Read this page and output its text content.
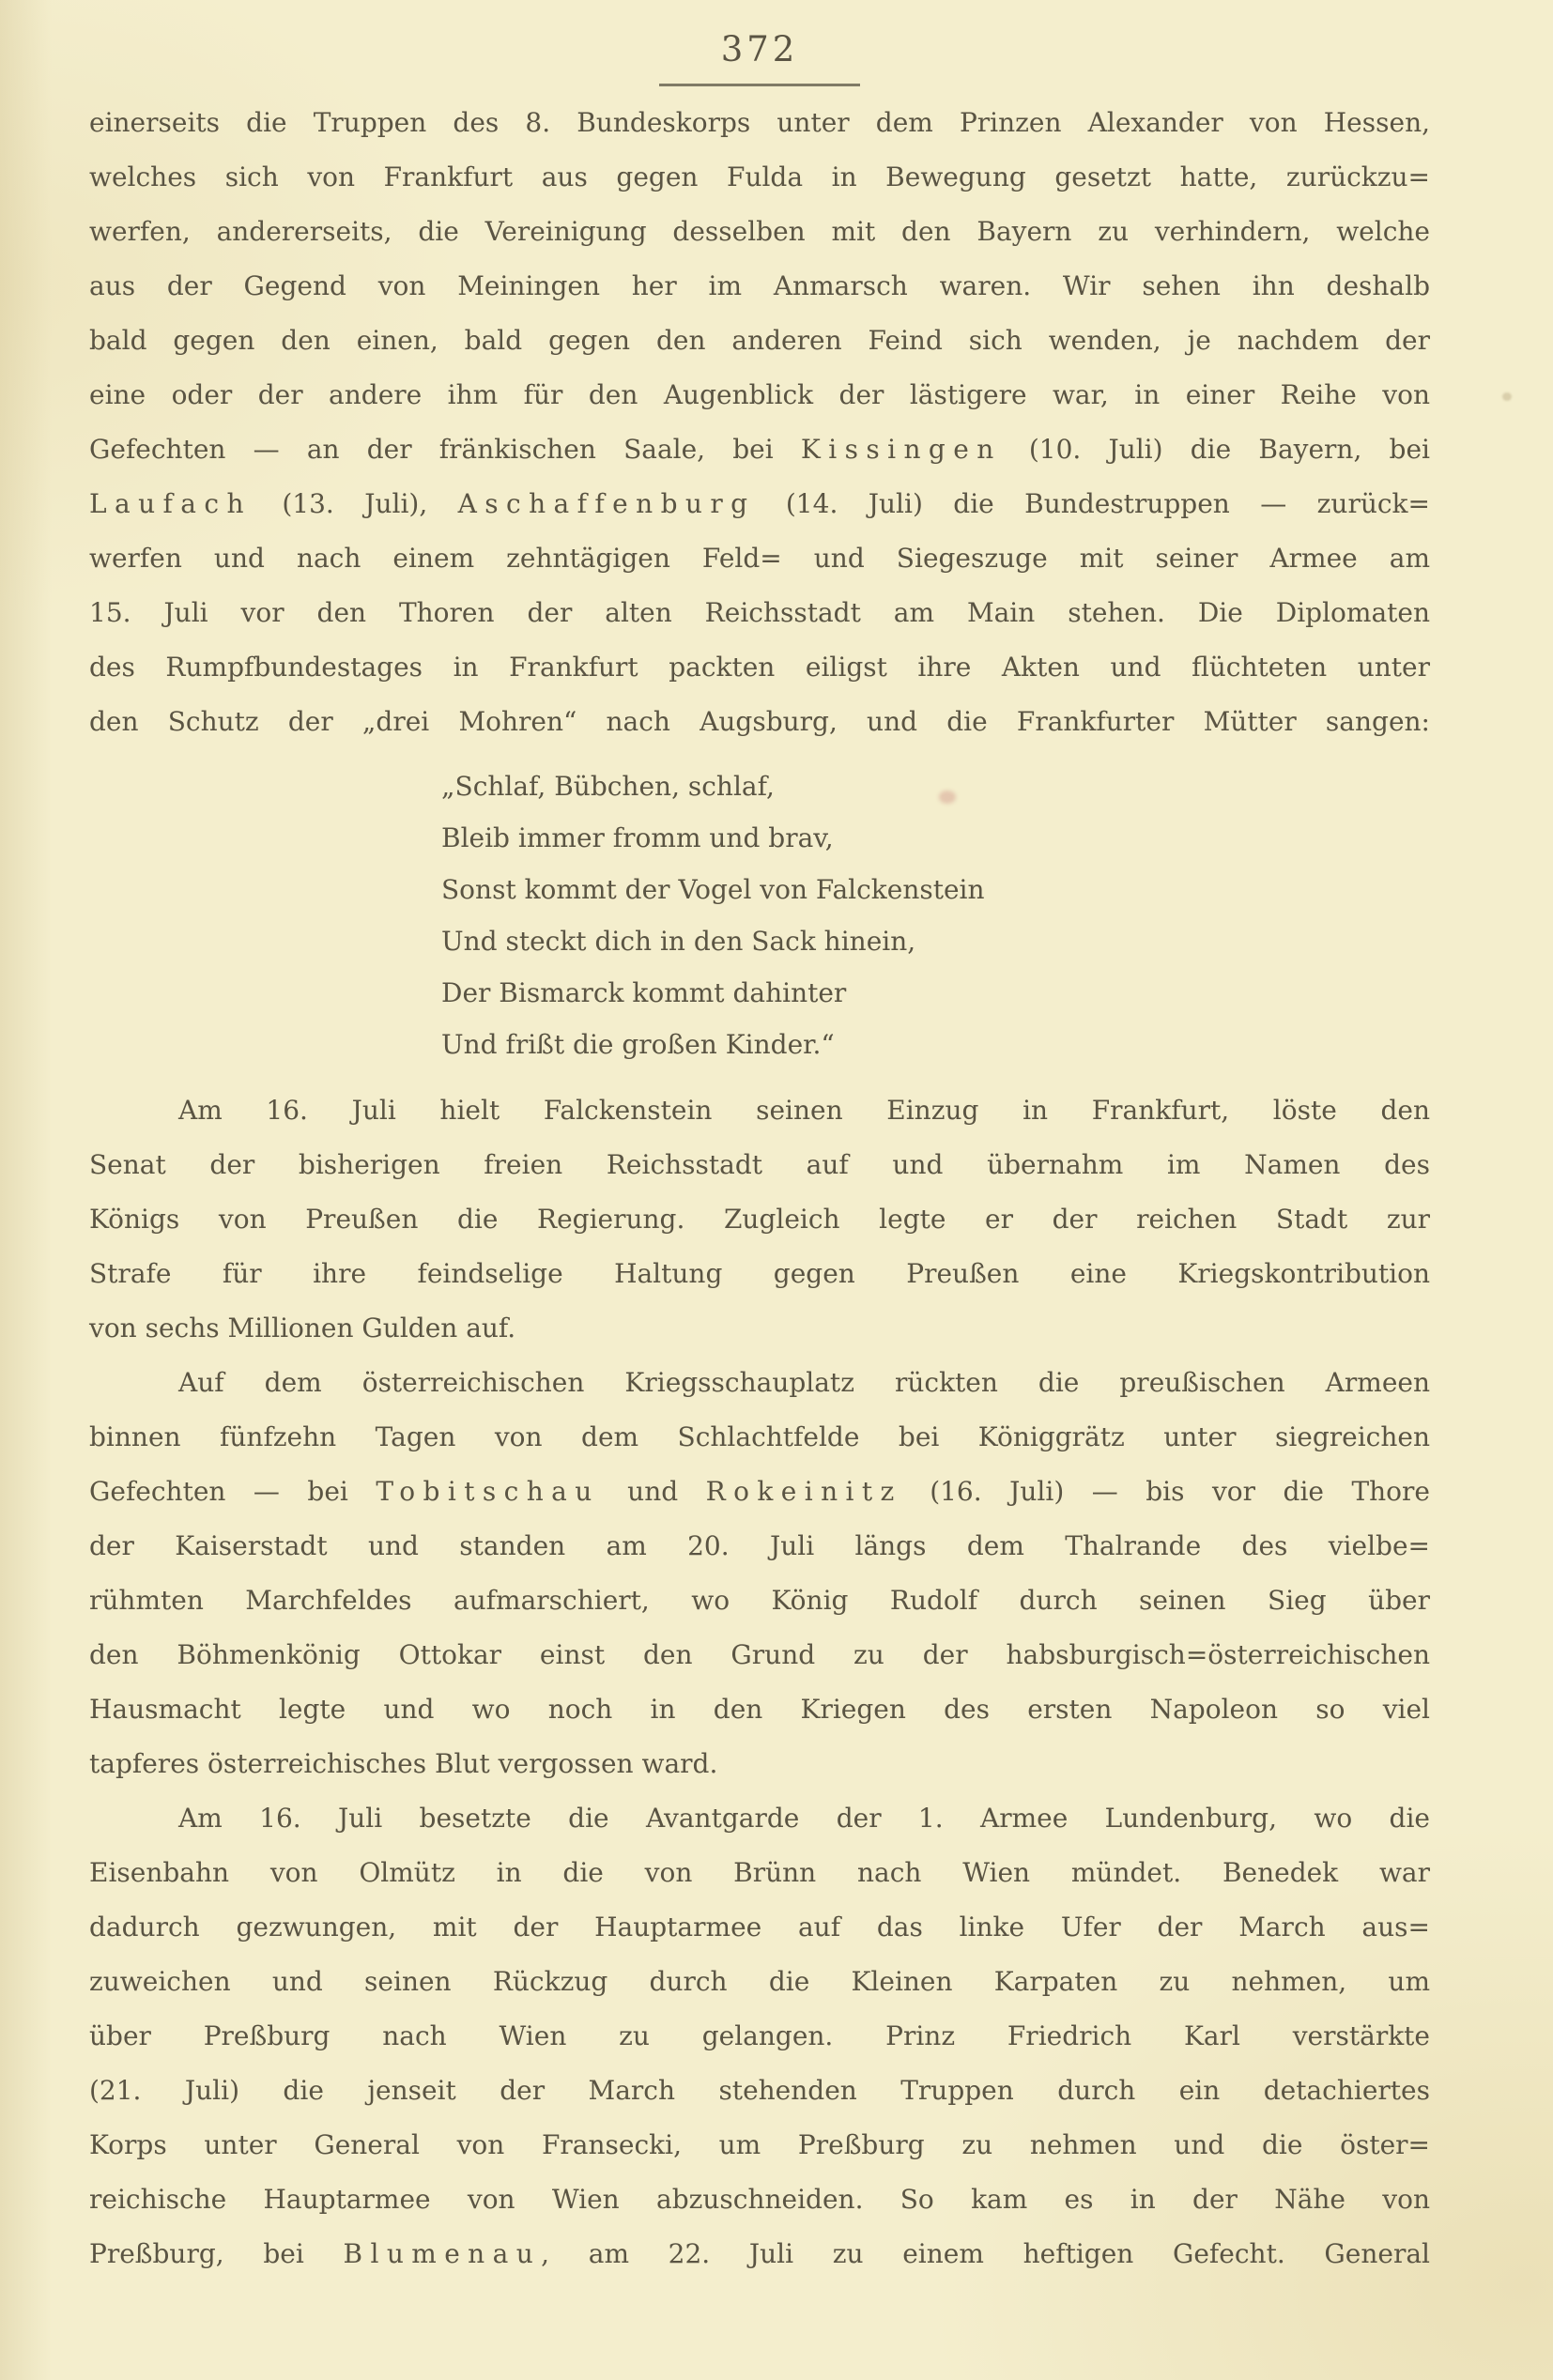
372
einerseits die Truppen des 8. Bundeskorps unter dem Prinzen Alexander von Hessen,
welches sich von Frankfurt aus gegen Fulda in Bewegung gesetzt hatte, zurückzu=
werfen, andererseits, die Vereinigung desselben mit den Bayern zu verhindern, welche
aus der Gegend von Meiningen her im Anmarsch waren. Wir sehen ihn deshalb
bald gegen den einen, bald gegen den anderen Feind sich wenden, je nachdem der
eine oder der andere ihm für den Augenblick der lästigere war, in einer Reihe von
Gefechten — an der fränkischen Saale, bei Kissingen (10. Juli) die Bayern, bei
Laufach (13. Juli), Aschaffenburg (14. Juli) die Bundestruppen — zurück=
werfen und nach einem zehntägigen Feld= und Siegeszuge mit seiner Armee am
15. Juli vor den Thoren der alten Reichsstadt am Main stehen. Die Diplomaten
des Rumpfbundestages in Frankfurt packten eiligst ihre Akten und flüchteten unter
den Schutz der „drei Mohren“ nach Augsburg, und die Frankfurter Mütter sangen:
„Schlaf, Bübchen, schlaf,
Bleib immer fromm und brav,
Sonst kommt der Vogel von Falckenstein
Und steckt dich in den Sack hinein,
Der Bismarck kommt dahinter
Und frißt die großen Kinder.“
Am 16. Juli hielt Falckenstein seinen Einzug in Frankfurt, löste den
Senat der bisherigen freien Reichsstadt auf und übernahm im Namen des
Königs von Preußen die Regierung. Zugleich legte er der reichen Stadt zur
Strafe für ihre feindselige Haltung gegen Preußen eine Kriegskontribution
von sechs Millionen Gulden auf.
Auf dem österreichischen Kriegsschauplatz rückten die preußischen Armeen
binnen fünfzehn Tagen von dem Schlachtfelde bei Königgrätz unter siegreichen
Gefechten — bei Tobitschau und Rokeinitz (16. Juli) — bis vor die Thore
der Kaiserstadt und standen am 20. Juli längs dem Thalrande des vielbe=
rühmten Marchfeldes aufmarschiert, wo König Rudolf durch seinen Sieg über
den Böhmenkönig Ottokar einst den Grund zu der habsburgisch=österreichischen
Hausmacht legte und wo noch in den Kriegen des ersten Napoleon so viel
tapferes österreichisches Blut vergossen ward.
Am 16. Juli besetzte die Avantgarde der 1. Armee Lundenburg, wo die
Eisenbahn von Olmütz in die von Brünn nach Wien mündet. Benedek war
dadurch gezwungen, mit der Hauptarmee auf das linke Ufer der March aus=
zuweichen und seinen Rückzug durch die Kleinen Karpaten zu nehmen, um
über Preßburg nach Wien zu gelangen. Prinz Friedrich Karl verstärkte
(21. Juli) die jenseit der March stehenden Truppen durch ein detachiertes
Korps unter General von Fransecki, um Preßburg zu nehmen und die öster=
reichische Hauptarmee von Wien abzuschneiden. So kam es in der Nähe von
Preßburg, bei Blumenau, am 22. Juli zu einem heftigen Gefecht. General
